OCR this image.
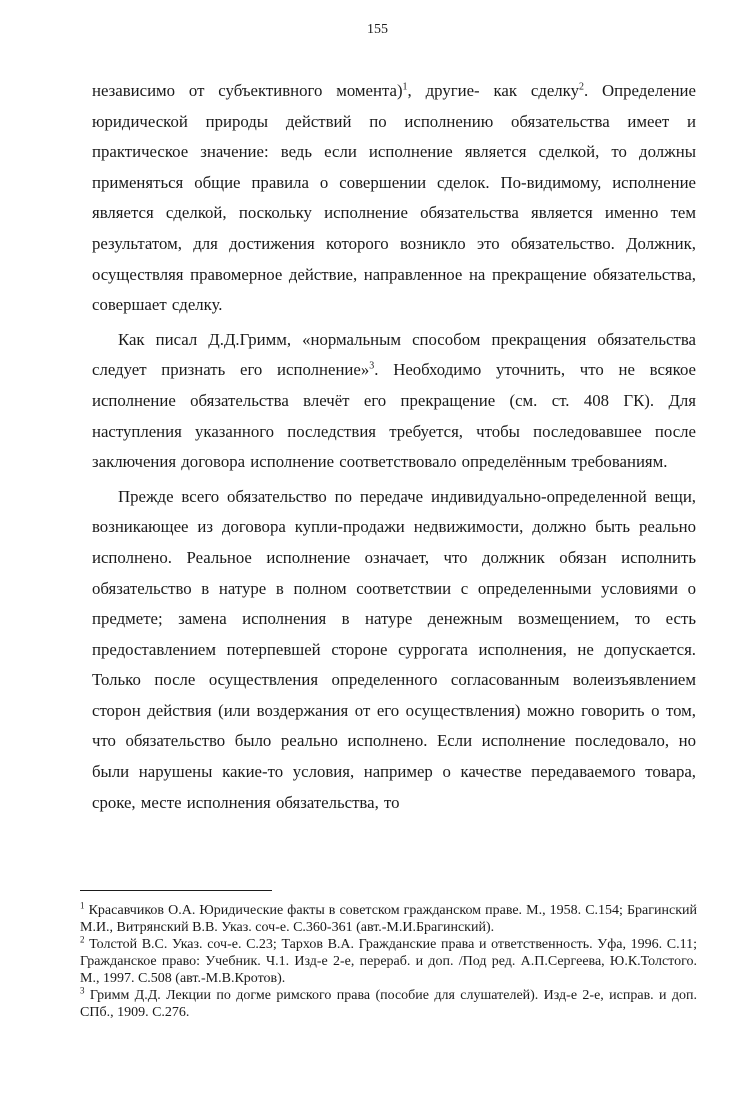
155

независимо от субъективного момента)$^1$, другие- как сделку$^2$. Определение юридической природы действий по исполнению обязательства имеет и практическое значение: ведь если исполнение является сделкой, то должны применяться общие правила о совершении сделок. По-видимому, исполнение является сделкой, поскольку исполнение обязательства является именно тем результатом, для достижения которого возникло это обязательство. Должник, осуществляя правомерное действие, направленное на прекращение обязательства, совершает сделку.

Как писал Д.Д.Гримм, «нормальным способом прекращения обязательства следует признать его исполнение»$^3$. Необходимо уточнить, что не всякое исполнение обязательства влечёт его прекращение (см. ст. 408 ГК). Для наступления указанного последствия требуется, чтобы последовавшее после заключения договора исполнение соответствовало определённым требованиям.

Прежде всего обязательство по передаче индивидуально-определенной вещи, возникающее из договора купли-продажи недвижимости, должно быть реально исполнено. Реальное исполнение означает, что должник обязан исполнить обязательство в натуре в полном соответствии с определенными условиями о предмете; замена исполнения в натуре денежным возмещением, то есть предоставлением потерпевшей стороне суррогата исполнения, не допускается. Только после осуществления определенного согласованным волеизъявлением сторон действия (или воздержания от его осуществления) можно говорить о том, что обязательство было реально исполнено. Если исполнение последовало, но были нарушены какие-то условия, например о качестве передаваемого товара, сроке, месте исполнения обязательства, то

$^1$ Красавчиков О.А. Юридические факты в советском гражданском праве. М., 1958. С.154; Брагинский М.И., Витрянский В.В. Указ. соч-е. С.360-361 (авт.-М.И.Брагинский).

$^2$ Толстой В.С. Указ. соч-е. С.23; Тархов В.А. Гражданские права и ответственность. Уфа, 1996. С.11; Гражданское право: Учебник. Ч.1. Изд-е 2-е, перераб. и доп. /Под ред. А.П.Сергеева, Ю.К.Толстого. М., 1997. С.508 (авт.-М.В.Кротов).

$^3$ Гримм Д.Д. Лекции по догме римского права (пособие для слушателей). Изд-е 2-е, исправ. и доп. СПб., 1909. С.276.
